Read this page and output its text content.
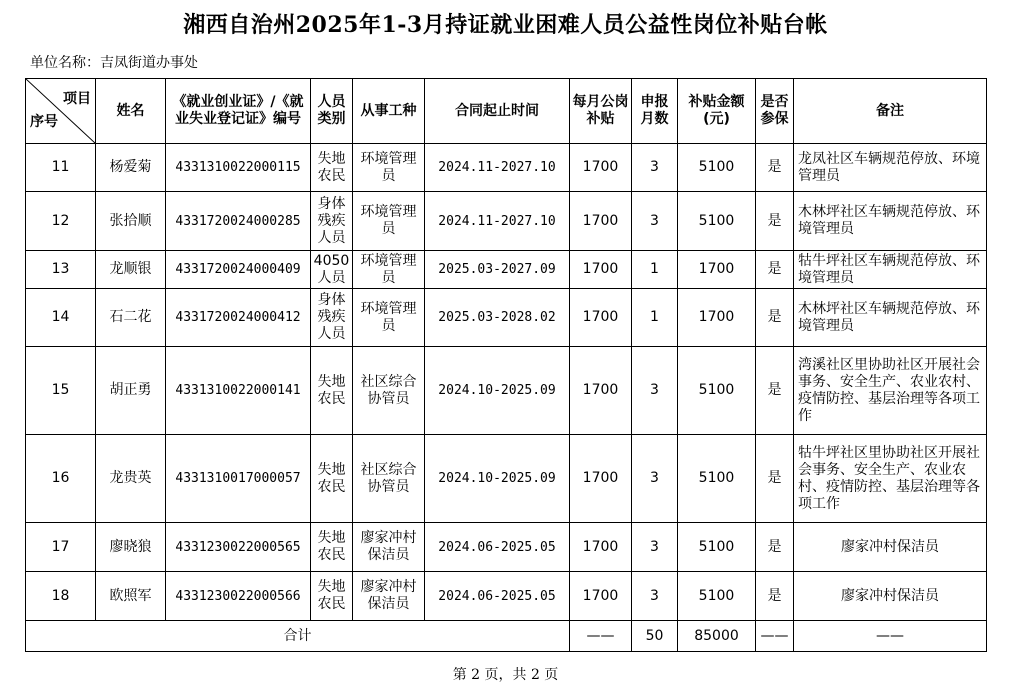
湘西自治州2025年1-3月持证就业困难人员公益性岗位补贴台帐
单位名称：吉凤街道办事处
项目
序号	姓名	《就业创业证》/《就业失业登记证》编号	人员类别	从事工种	合同起止时间	每月公岗补贴	申报月数	补贴金额(元)	是否参保	备注
11	杨爱菊	4331310022000115	失地农民	环境管理员	2024.11-2027.10	1700	3	5100	是	龙凤社区车辆规范停放、环境管理员
12	张拾顺	4331720024000285	身体残疾人员	环境管理员	2024.11-2027.10	1700	3	5100	是	木林坪社区车辆规范停放、环境管理员
13	龙顺银	4331720024000409	4050人员	环境管理员	2025.03-2027.09	1700	1	1700	是	牯牛坪社区车辆规范停放、环境管理员
14	石二花	4331720024000412	身体残疾人员	环境管理员	2025.03-2028.02	1700	1	1700	是	木林坪社区车辆规范停放、环境管理员
15	胡正勇	4331310022000141	失地农民	社区综合协管员	2024.10-2025.09	1700	3	5100	是	湾溪社区里协助社区开展社会事务、安全生产、农业农村、疫情防控、基层治理等各项工作
16	龙贵英	4331310017000057	失地农民	社区综合协管员	2024.10-2025.09	1700	3	5100	是	牯牛坪社区里协助社区开展社会事务、安全生产、农业农村、疫情防控、基层治理等各项工作
17	廖晓狼	4331230022000565	失地农民	廖家冲村保洁员	2024.06-2025.05	1700	3	5100	是	廖家冲村保洁员
18	欧照军	4331230022000566	失地农民	廖家冲村保洁员	2024.06-2025.05	1700	3	5100	是	廖家冲村保洁员
合计						——	50	85000	——	——
第 2 页，共 2 页
